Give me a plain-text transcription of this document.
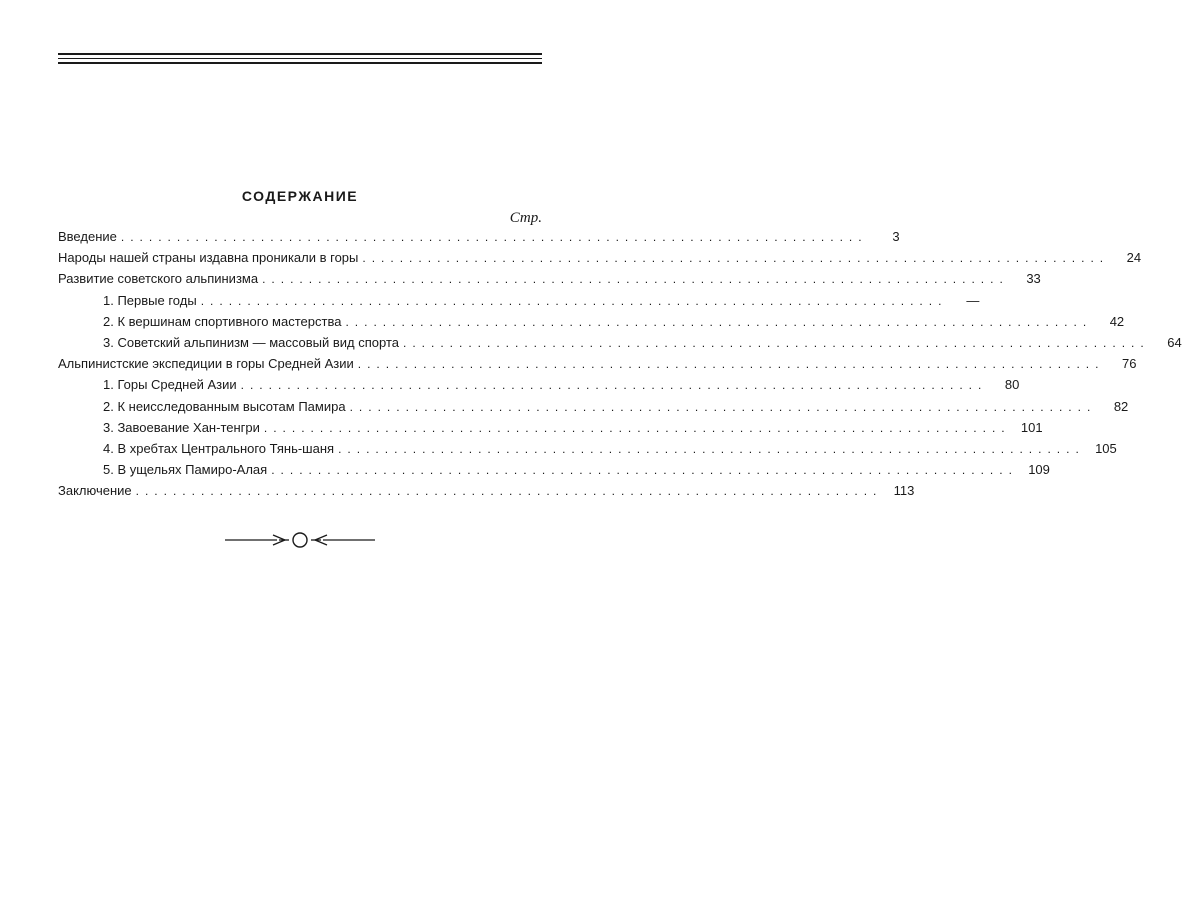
СОДЕРЖАНИЕ
Стр.
Введение ................................................................................	3
Народы нашей страны издавна проникали в горы ................................................................................	24
Развитие советского альпинизма ................................................................................	33
1. Первые годы ................................................................................	—
2. К вершинам спортивного мастерства ................................................................................	42
3. Советский альпинизм — массовый вид спорта ................................................................................	64
Альпинистские экспедиции в горы Средней Азии ................................................................................	76
1. Горы Средней Азии ................................................................................	80
2. К неисследованным высотам Памира ................................................................................	82
3. Завоевание Хан-тенгри ................................................................................ 101
4. В хребтах Центрального Тянь-шаня ................................................................................ 105
5. В ущельях Памиро-Алая ................................................................................ 109
Заключение ................................................................................ 113
